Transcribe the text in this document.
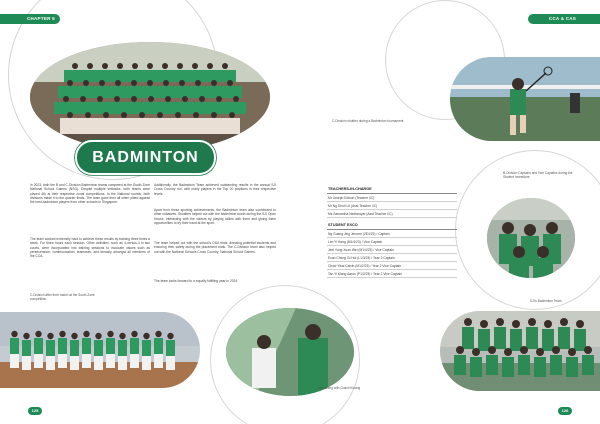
CHAPTER 5	CCA & CAS
BADMINTON
In 2023, both the B and C-Division Badminton teams competed at the South Zone National School Games (NSG). Despite multiple setbacks, both teams were placed 4th at their respective zonal competitions. In the National rounds, both divisions made it to the quarter finals. The team gave their all when pitted against the best badminton players from other schools in Singapore.
The team worked extremely hard to achieve these results by training three times a week. For three hours each session. Other activities, such as 4-versus-4 in two courts, were incorporated into training sessions to inculcate values such as perseverance, communication, teamwork, and tenacity amongst all members of the CCA.
Additionally, the Badminton Team achieved outstanding results in the annual SJI Cross Country run, with many players in the Top 20 positions in their respective levels.
Apart from these sporting achievements, the Badminton team also contributed to other initiatives. Shuttlers helped out with the badminton booth during the SJI Open House, interacting with the visitors by playing rallies with them and giving them opportunities to try their hand at the sport.
The team helped out with the school's DSA trials, directing potential students and ensuring their safety during the placement trials. The C-Division team also helped out with the National Schools Cross Country, National School Games.
The team looks forward to a equally fulfilling year in 2024.
C-Division after their match at the South Zone competition
Interacting with Coach Kwong
C-Division shuttler during a Badminton tournament
TEACHERS-IN-CHARGE
Mr Joseph Edison (Teacher I/C)
Mr Ng Shuh Lit (Asst Teacher I/C)
Ms Samantha Neelaroyar (Asst Teacher I/C)
STUDENT EXCO
Ng Guang Jing Jerome (2E4/23) / Captain
Lim Yi Hang (M1/4/23) / Vice Captain
Jeel Yong Xuan Wei (M1/4/23) / Vice Captain
Evan Cheng Gi Hui (L1/3/23) / Year 2 Captain
Chow Yikai Calvin (M1/2/23) / Year 2 Vice Captain
Tan Yi Kiang Aaron (P1/2/23) / Year 2 Vice Captain
B-Division Captains and Vice Captains during the Student Investiture
SJI's Badminton Team
125	126
